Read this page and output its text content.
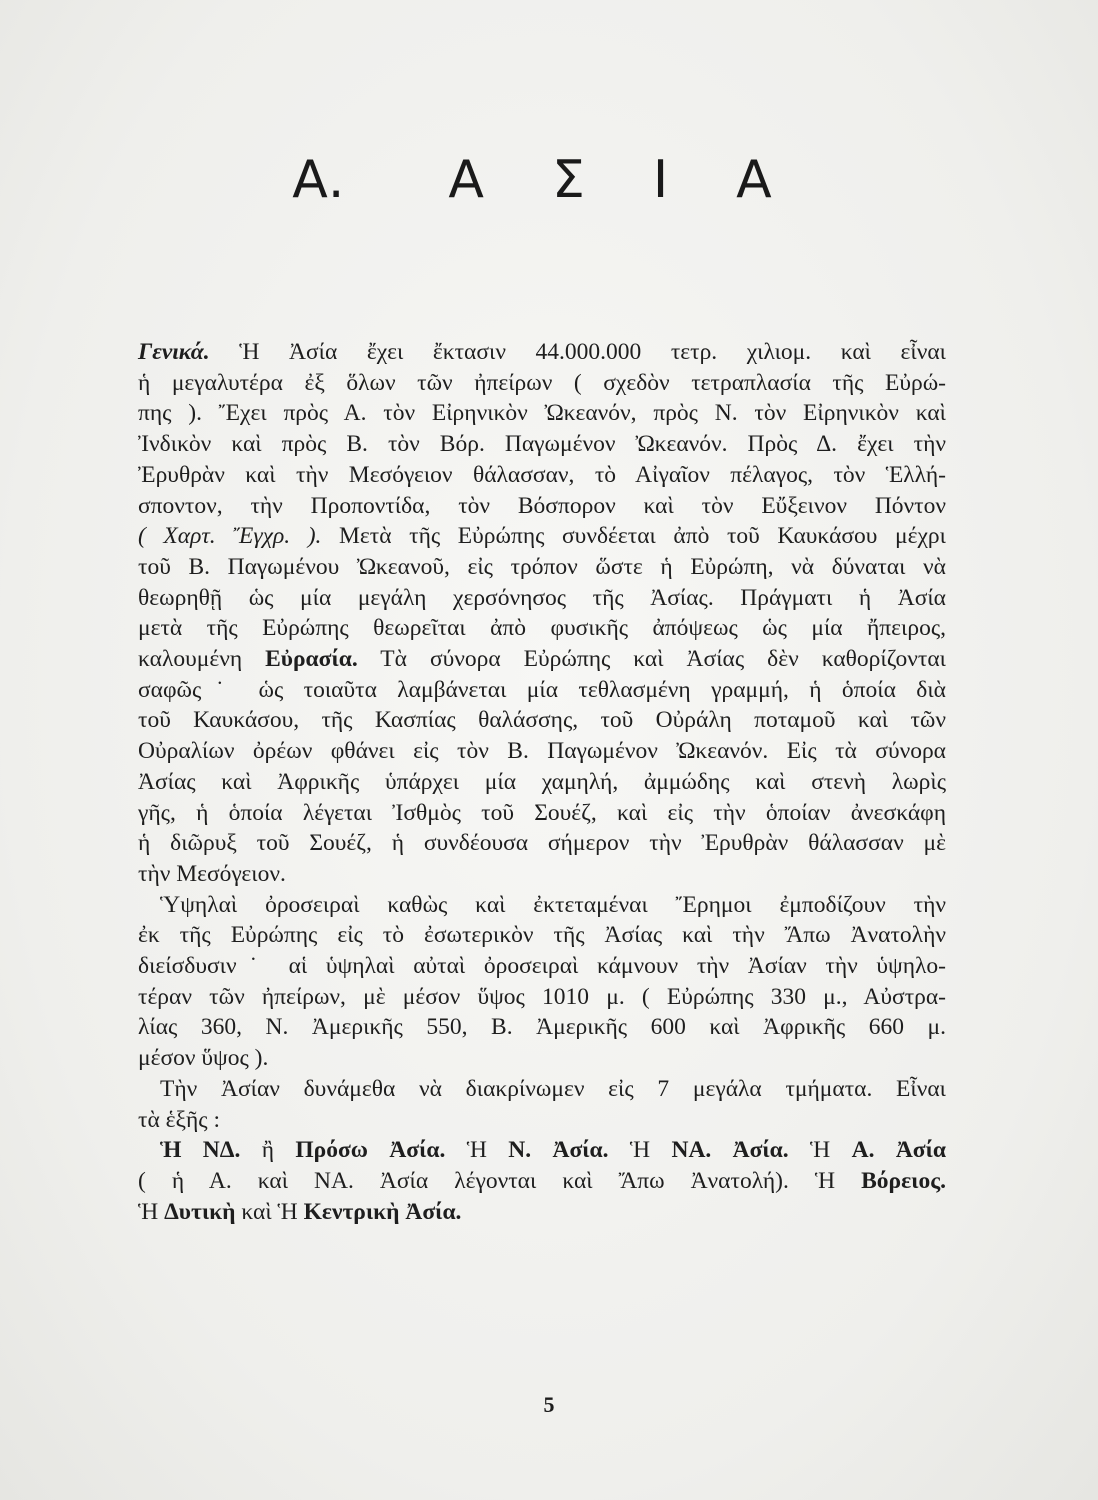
Α. Α Σ Ι Α

Γενικά. Ἡ Ἀσία ἔχει ἔκτασιν 44.000.000 τετρ. χιλιομ. καὶ εἶναι
ἡ μεγαλυτέρα ἐξ ὅλων τῶν ἠπείρων ( σχεδὸν τετραπλασία τῆς Εὐρώ-
πης ). Ἔχει πρὸς Α. τὸν Εἰρηνικὸν Ὠκεανόν, πρὸς Ν. τὸν Εἰρηνικὸν καὶ
Ἰνδικὸν καὶ πρὸς Β. τὸν Βόρ. Παγωμένον Ὠκεανόν. Πρὸς Δ. ἔχει τὴν
Ἐρυθρὰν καὶ τὴν Μεσόγειον θάλασσαν, τὸ Αἰγαῖον πέλαγος, τὸν Ἑλλή-
σποντον, τὴν Προποντίδα, τὸν Βόσπορον καὶ τὸν Εὔξεινον Πόντον
( Χαρτ. Ἔγχρ. ). Μετὰ τῆς Εὐρώπης συνδέεται ἀπὸ τοῦ Καυκάσου μέχρι
τοῦ Β. Παγωμένου Ὠκεανοῦ, εἰς τρόπον ὥστε ἡ Εὐρώπη, νὰ δύναται νὰ
θεωρηθῇ ὡς μία μεγάλη χερσόνησος τῆς Ἀσίας. Πράγματι ἡ Ἀσία
μετὰ τῆς Εὐρώπης θεωρεῖται ἀπὸ φυσικῆς ἀπόψεως ὡς μία ἤπειρος,
καλουμένη Εὐρασία. Τὰ σύνορα Εὐρώπης καὶ Ἀσίας δὲν καθορίζονται
σαφῶς˙ ὡς τοιαῦτα λαμβάνεται μία τεθλασμένη γραμμή, ἡ ὁποία διὰ
τοῦ Καυκάσου, τῆς Κασπίας θαλάσσης, τοῦ Οὐράλη ποταμοῦ καὶ τῶν
Οὐραλίων ὀρέων φθάνει εἰς τὸν Β. Παγωμένον Ὠκεανόν. Εἰς τὰ σύνορα
Ἀσίας καὶ Ἀφρικῆς ὑπάρχει μία χαμηλή, ἀμμώδης καὶ στενὴ λωρὶς
γῆς, ἡ ὁποία λέγεται Ἰσθμὸς τοῦ Σουέζ, καὶ εἰς τὴν ὁποίαν ἀνεσκάφη
ἡ διῶρυξ τοῦ Σουέζ, ἡ συνδέουσα σήμερον τὴν Ἐρυθρὰν θάλασσαν μὲ
τὴν Μεσόγειον.

Ὑψηλαὶ ὀροσειραὶ καθὼς καὶ ἐκτεταμέναι Ἔρημοι ἐμποδίζουν τὴν
ἐκ τῆς Εὐρώπης εἰς τὸ ἐσωτερικὸν τῆς Ἀσίας καὶ τὴν Ἄπω Ἀνατολὴν
διείσδυσιν˙ αἱ ὑψηλαὶ αὐταὶ ὀροσειραὶ κάμνουν τὴν Ἀσίαν τὴν ὑψηλο-
τέραν τῶν ἠπείρων, μὲ μέσον ὕψος 1010 μ. ( Εὐρώπης 330 μ., Αὐστρα-
λίας 360, Ν. Ἀμερικῆς 550, Β. Ἀμερικῆς 600 καὶ Ἀφρικῆς 660 μ.
μέσον ὕψος ).

Τὴν Ἀσίαν δυνάμεθα νὰ διακρίνωμεν εἰς 7 μεγάλα τμήματα. Εἶναι
τὰ ἑξῆς :

Ἡ ΝΔ. ἢ Πρόσω Ἀσία. Ἡ Ν. Ἀσία. Ἡ ΝΑ. Ἀσία. Ἡ Α. Ἀσία
( ἡ Α. καὶ ΝΑ. Ἀσία λέγονται καὶ Ἄπω Ἀνατολή). Ἡ Βόρειος.
Ἡ Δυτικὴ καὶ Ἡ Κεντρικὴ Ἀσία.

5
